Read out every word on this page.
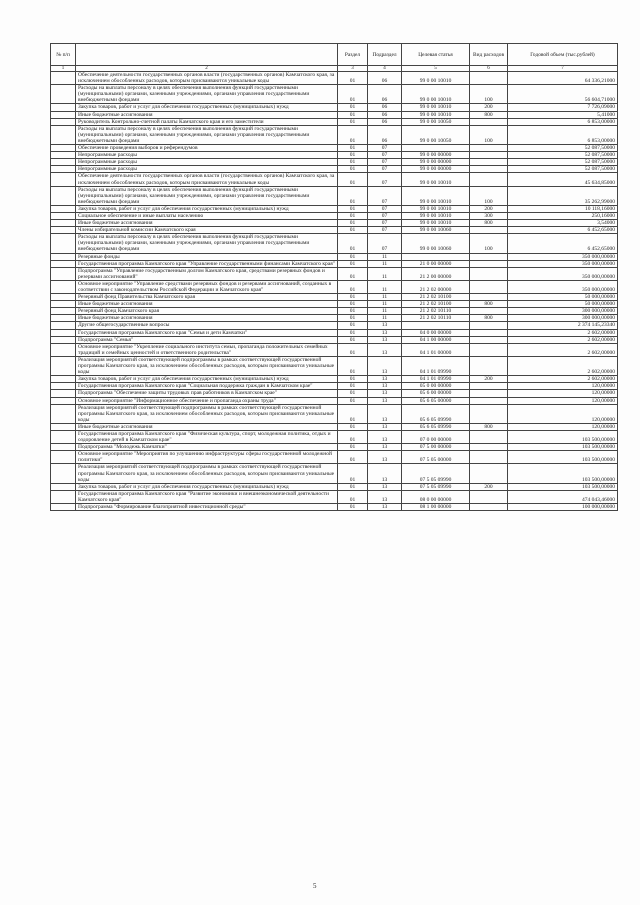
№ п/п		Раздел	Подраздел	Целевая статья	Вид расходов	Годовой объем (тыс.рублей)
1	2	3	4	5	6	7
	Обеспечение деятельности государственных органов власти (государственных органов) Камчатского края, за исключением обособленных расходов, которым присваиваются уникальные коды	01	06	99 0 00 10010		64 336,21000
	Расходы на выплаты персоналу в целях обеспечения выполнения функций государственными (муниципальными) органами, казенными учреждениями, органами управления государственными внебюджетными фондами	01	06	99 0 00 10010	100	56 604,71000
	Закупка товаров, работ и услуг для обеспечения государственных (муниципальных) нужд	01	06	99 0 00 10010	200	7 726,09000
	Иные бюджетные ассигнования	01	06	99 0 00 10010	800	5,41000
	Руководитель Контрольно-счетной палаты Камчатского края и его заместители	01	06	99 0 00 10050		6 853,00000
	Расходы на выплаты персоналу в целях обеспечения выполнения функций государственными (муниципальными) органами, казенными учреждениями, органами управления государственными внебюджетными фондами	01	06	99 0 00 10050	100	6 853,00000
	Обеспечение проведения выборов и референдумов	01	07			52 087,50000
	Непрограммные расходы	01	07	99 0 00 00000		52 087,50000
	Непрограммные расходы	01	07	99 0 00 00000		52 087,50000
	Непрограммные расходы	01	07	99 0 00 00000		52 087,50000
	Обеспечение деятельности государственных органов власти (государственных органов) Камчатского края, за исключением обособленных расходов, которым присваиваются уникальные коды	01	07	99 0 00 10010		45 634,85000
	Расходы на выплаты персоналу в целях обеспечения выполнения функций государственными (муниципальными) органами, казенными учреждениями, органами управления государственными внебюджетными фондами	01	07	99 0 00 10010	100	35 262,99000
	Закупка товаров, работ и услуг для обеспечения государственных (муниципальных) нужд	01	07	99 0 00 10010	200	10 118,16000
	Социальное обеспечение и иные выплаты населению	01	07	99 0 00 10010	300	250,16000
	Иные бюджетные ассигнования	01	07	99 0 00 10010	800	3,54000
	Члены избирательной комиссии Камчатского края	01	07	99 0 00 10060		6 452,65000
	Расходы на выплаты персоналу в целях обеспечения выполнения функций государственными (муниципальными) органами, казенными учреждениями, органами управления государственными внебюджетными фондами	01	07	99 0 00 10060	100	6 452,65000
	Резервные фонды	01	11			350 000,00000
	Государственная программа Камчатского края "Управление государственными финансами Камчатского края"	01	11	21 0 00 00000		350 000,00000
	Подпрограмма "Управление государственным долгом Камчатского края, средствами резервных фондов и резервами ассигнований"	01	11	21 2 00 00000		350 000,00000
	Основное мероприятие "Управление средствами резервных фондов и резервами ассигнований, созданных в соответствии с законодательством Российской Федерации и Камчатского края"	01	11	21 2 02 00000		350 000,00000
	Резервный фонд Правительства Камчатского края	01	11	21 2 02 10100		50 000,00000
	Иные бюджетные ассигнования	01	11	21 2 02 10100	800	50 000,00000
	Резервный фонд Камчатского края	01	11	21 2 02 10110		300 000,00000
	Иные бюджетные ассигнования	01	11	21 2 02 10110	800	300 000,00000
	Другие общегосударственные вопросы	01	13			2 374 145,23340
	Государственная программа Камчатского края "Семья и дети Камчатки"	01	13	04 0 00 00000		2 602,00000
	Подпрограмма "Семья"	01	13	04 1 00 00000		2 602,00000
	Основное мероприятие "Укрепление социального института семьи, пропаганда положительных семейных традиций и семейных ценностей и ответственного родительства"	01	13	04 1 01 00000		2 602,00000
	Реализация мероприятий соответствующей подпрограммы в рамках соответствующей государственной программы Камчатского края, за исключением обособленных расходов, которым присваиваются уникальные коды	01	13	04 1 01 09990		2 602,00000
	Закупка товаров, работ и услуг для обеспечения государственных (муниципальных) нужд	01	13	04 1 01 09990	200	2 602,00000
	Государственная программа Камчатского края "Социальная поддержка граждан в Камчатском крае"	01	13	05 0 00 00000		120,00000
	Подпрограмма "Обеспечение защиты трудовых прав работников в Камчатском крае"	01	13	05 6 00 00000		120,00000
	Основное мероприятие "Информационное обеспечение и пропаганда охраны труда"	01	13	05 6 05 00000		120,00000
	Реализация мероприятий соответствующей подпрограммы в рамках соответствующей государственной программы Камчатского края, за исключением обособленных расходов, которым присваиваются уникальные коды	01	13	05 6 05 09990		120,00000
	Иные бюджетные ассигнования	01	13	05 6 05 09990	800	120,00000
	Государственная программа Камчатского края "Физическая культура, спорт, молодежная политика, отдых и оздоровление детей в Камчатском крае"	01	13	07 0 00 00000		103 500,00000
	Подпрограмма "Молодежь Камчатки"	01	13	07 5 00 00000		103 500,00000
	Основное мероприятие "Мероприятия по улучшению инфраструктуры сферы государственной молодежной политики"	01	13	07 5 05 00000		103 500,00000
	Реализация мероприятий соответствующей подпрограммы в рамках соответствующей государственной программы Камчатского края, за исключением обособленных расходов, которым присваиваются уникальные коды	01	13	07 5 05 09990		103 500,00000
	Закупка товаров, работ и услуг для обеспечения государственных (муниципальных) нужд	01	13	07 5 05 09990	200	103 500,00000
	Государственная программа Камчатского края "Развитие экономики и внешнеэкономической деятельности Камчатского края"	01	13	08 0 00 00000		474 043,46000
	Подпрограмма "Формирование благоприятной инвестиционной среды"	01	13	08 1 00 00000		100 000,00000
5
